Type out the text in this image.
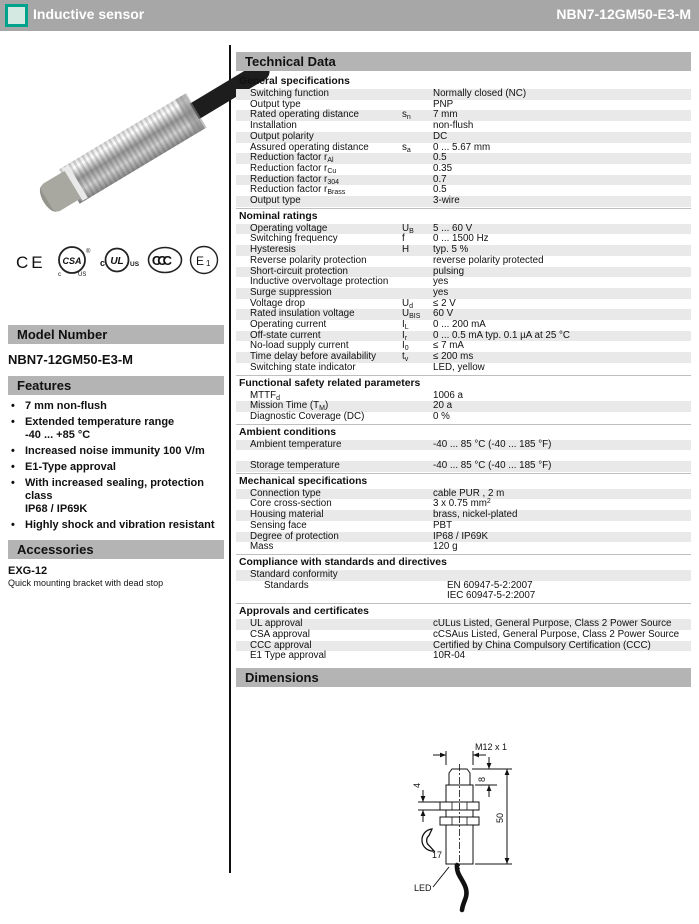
Inductive sensor	NBN7-12GM50-E3-M
CE CSA
®
c	US
c UL US CCC	E 1
Model Number
NBN7-12GM50-E3-M
Features
• 7 mm non-flush
• Extended temperature range
-40 ... +85 °C
• Increased noise immunity 100 V/m
• E1-Type approval
• With increased sealing, protection class
IP68 / IP69K
• Highly shock and vibration resistant
Accessories
EXG-12
Quick mounting bracket with dead stop
Technical Data
General specifications
Switching function	Normally closed (NC)
Output type	PNP
Rated operating distance	$s_n$	7 mm
Installation	non-flush
Output polarity	DC
Assured operating distance	$s_a$	0 ... 5.67 mm
Reduction factor $r_{Al}$	0.5
Reduction factor $r_{Cu}$	0.35
Reduction factor $r_{304}$	0.7
Reduction factor $r_{Brass}$	0.5
Output type	3-wire
Nominal ratings
Operating voltage	$U_B$	5 ... 60 V
Switching frequency	f	0 ... 1500 Hz
Hysteresis	H	typ. 5 %
Reverse polarity protection	reverse polarity protected
Short-circuit protection	pulsing
Inductive overvoltage protection	yes
Surge suppression	yes
Voltage drop	$U_d$	≤ 2 V
Rated insulation voltage	$U_{BIS}$	60 V
Operating current	$I_L$	0 ... 200 mA
Off-state current	$I_r$	0 ... 0.5 mA typ. 0.1 µA at 25 °C
No-load supply current	$I_0$	≤ 7 mA
Time delay before availability	$t_v$	≤ 200 ms
Switching state indicator	LED, yellow
Functional safety related parameters
$MTTF_d$	1006 a
Mission Time $(T_M)$	20 a
Diagnostic Coverage (DC)	0 %
Ambient conditions
Ambient temperature	-40 ... 85 °C (-40 ... 185 °F)
Storage temperature	-40 ... 85 °C (-40 ... 185 °F)
Mechanical specifications
Connection type	cable PUR , 2 m
Core cross-section	3 x 0.75 $mm^2$
Housing material	brass, nickel-plated
Sensing face	PBT
Degree of protection	IP68 / IP69K
Mass	120 g
Compliance with standards and directives
Standard conformity
Standards	EN 60947-5-2:2007
IEC 60947-5-2:2007
Approvals and certificates
UL approval	cULus Listed, General Purpose, Class 2 Power Source
CSA approval	cCSAus Listed, General Purpose, Class 2 Power Source
CCC approval	Certified by China Compulsory Certification (CCC)
E1 Type approval	10R-04
Dimensions
M12 x 1
4
8
50
17
LED
